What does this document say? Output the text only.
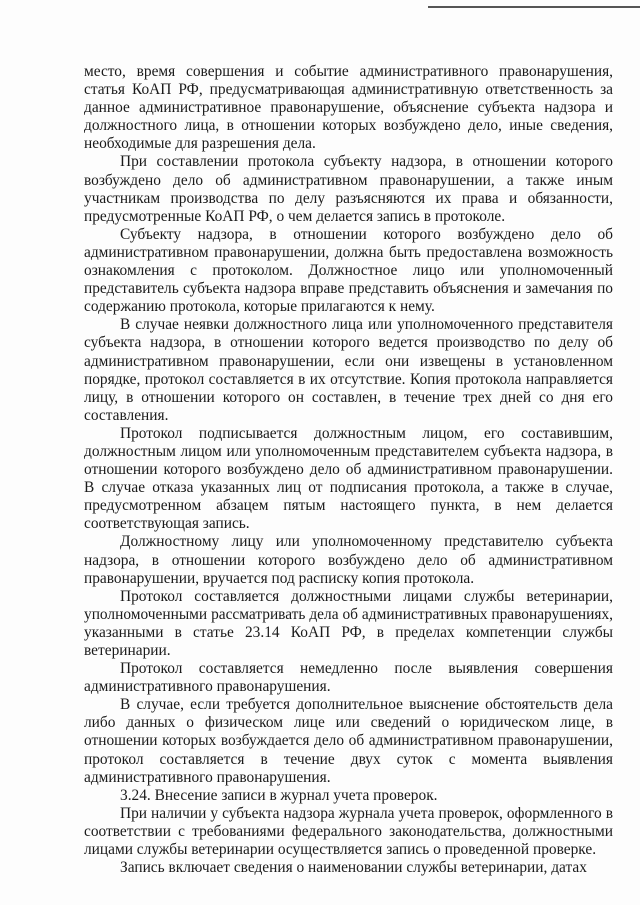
место, время совершения и событие административного правонарушения, статья КоАП РФ, предусматривающая административную ответственность за данное административное правонарушение, объяснение субъекта надзора и должностного лица, в отношении которых возбуждено дело, иные сведения, необходимые для разрешения дела.

При составлении протокола субъекту надзора, в отношении которого возбуждено дело об административном правонарушении, а также иным участникам производства по делу разъясняются их права и обязанности, предусмотренные КоАП РФ, о чем делается запись в протоколе.

Субъекту надзора, в отношении которого возбуждено дело об административном правонарушении, должна быть предоставлена возможность ознакомления с протоколом. Должностное лицо или уполномоченный представитель субъекта надзора вправе представить объяснения и замечания по содержанию протокола, которые прилагаются к нему.

В случае неявки должностного лица или уполномоченного представителя субъекта надзора, в отношении которого ведется производство по делу об административном правонарушении, если они извещены в установленном порядке, протокол составляется в их отсутствие. Копия протокола направляется лицу, в отношении которого он составлен, в течение трех дней со дня его составления.

Протокол подписывается должностным лицом, его составившим, должностным лицом или уполномоченным представителем субъекта надзора, в отношении которого возбуждено дело об административном правонарушении. В случае отказа указанных лиц от подписания протокола, а также в случае, предусмотренном абзацем пятым настоящего пункта, в нем делается соответствующая запись.

Должностному лицу или уполномоченному представителю субъекта надзора, в отношении которого возбуждено дело об административном правонарушении, вручается под расписку копия протокола.

Протокол составляется должностными лицами службы ветеринарии, уполномоченными рассматривать дела об административных правонарушениях, указанными в статье 23.14 КоАП РФ, в пределах компетенции службы ветеринарии.

Протокол составляется немедленно после выявления совершения административного правонарушения.

В случае, если требуется дополнительное выяснение обстоятельств дела либо данных о физическом лице или сведений о юридическом лице, в отношении которых возбуждается дело об административном правонарушении, протокол составляется в течение двух суток с момента выявления административного правонарушения.

3.24. Внесение записи в журнал учета проверок.

При наличии у субъекта надзора журнала учета проверок, оформленного в соответствии с требованиями федерального законодательства, должностными лицами службы ветеринарии осуществляется запись о проведенной проверке.

Запись включает сведения о наименовании службы ветеринарии, датах
